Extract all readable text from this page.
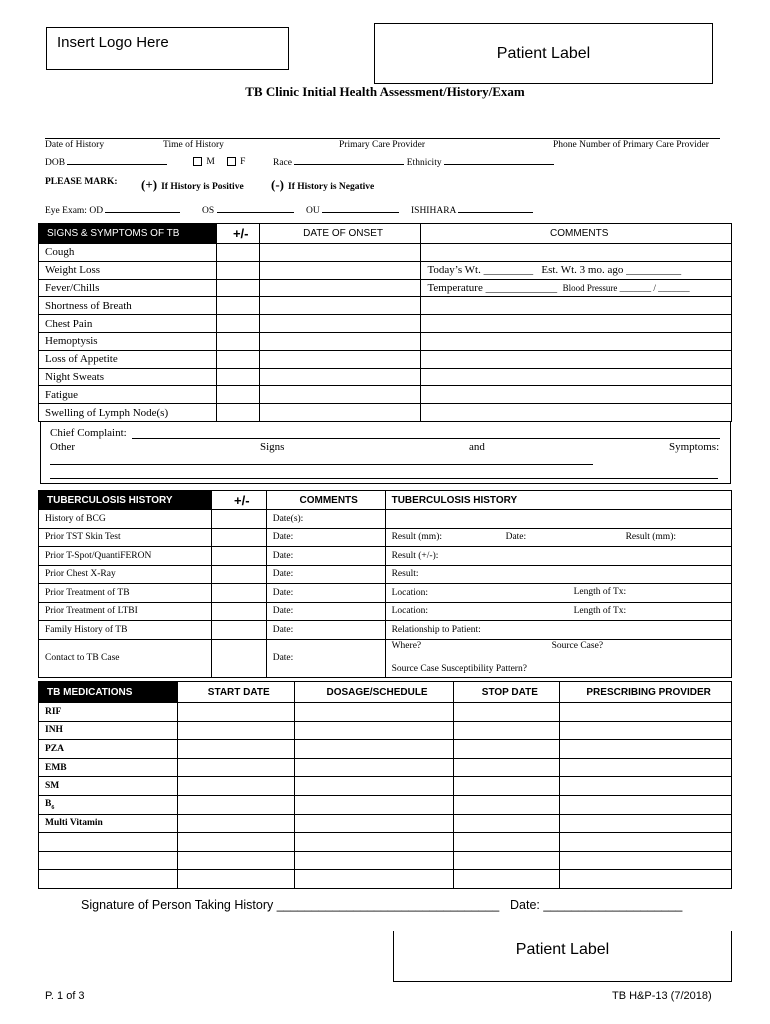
Insert Logo Here
Patient Label
TB Clinic Initial Health Assessment/History/Exam
Date of History	Time of History	Primary Care Provider	Phone Number of Primary Care Provider
DOB	M	F	Race	Ethnicity
PLEASE MARK: (+) If History is Positive (-) If History is Negative
Eye Exam: OD	OS	OU	ISHIHARA
SIGNS & SYMPTOMS OF TB	+/-	DATE OF ONSET	COMMENTS
Cough			
Weight Loss			Today’s Wt. _________ Est. Wt. 3 mo. ago __________
Fever/Chills			Temperature _____________ Blood Pressure _______ / _______
Shortness of Breath			
Chest Pain			
Hemoptysis			
Loss of Appetite			
Night Sweats			
Fatigue			
Swelling of Lymph Node(s)			
Chief Complaint:
Other	Signs	and	Symptoms:
TUBERCULOSIS HISTORY	+/-	COMMENTS	TUBERCULOSIS HISTORY
History of BCG		Date(s):	
Prior TST Skin Test		Date:	Result (mm): Date: Result (mm):

Prior T-Spot/QuantiFERON		Date:	Result (+/-):
Prior Chest X-Ray		Date:	Result:
Prior Treatment of TB		Date:	Location: Length of Tx:

Prior Treatment of LTBI		Date:	Location: Length of Tx:

Family History of TB		Date:	Relationship to Patient:
Contact to TB Case		Date:	Where? Source Case?
Source Case Susceptibility Pattern?
TB MEDICATIONS	START DATE	DOSAGE/SCHEDULE	STOP DATE	PRESCRIBING PROVIDER
RIF				
INH				
PZA				
EMB				
SM				
$B_6$				
Multi Vitamin				

Signature of Person Taking History ________________________________ Date: ____________________
Patient Label
P. 1 of 3	TB H&P-13 (7/2018)
